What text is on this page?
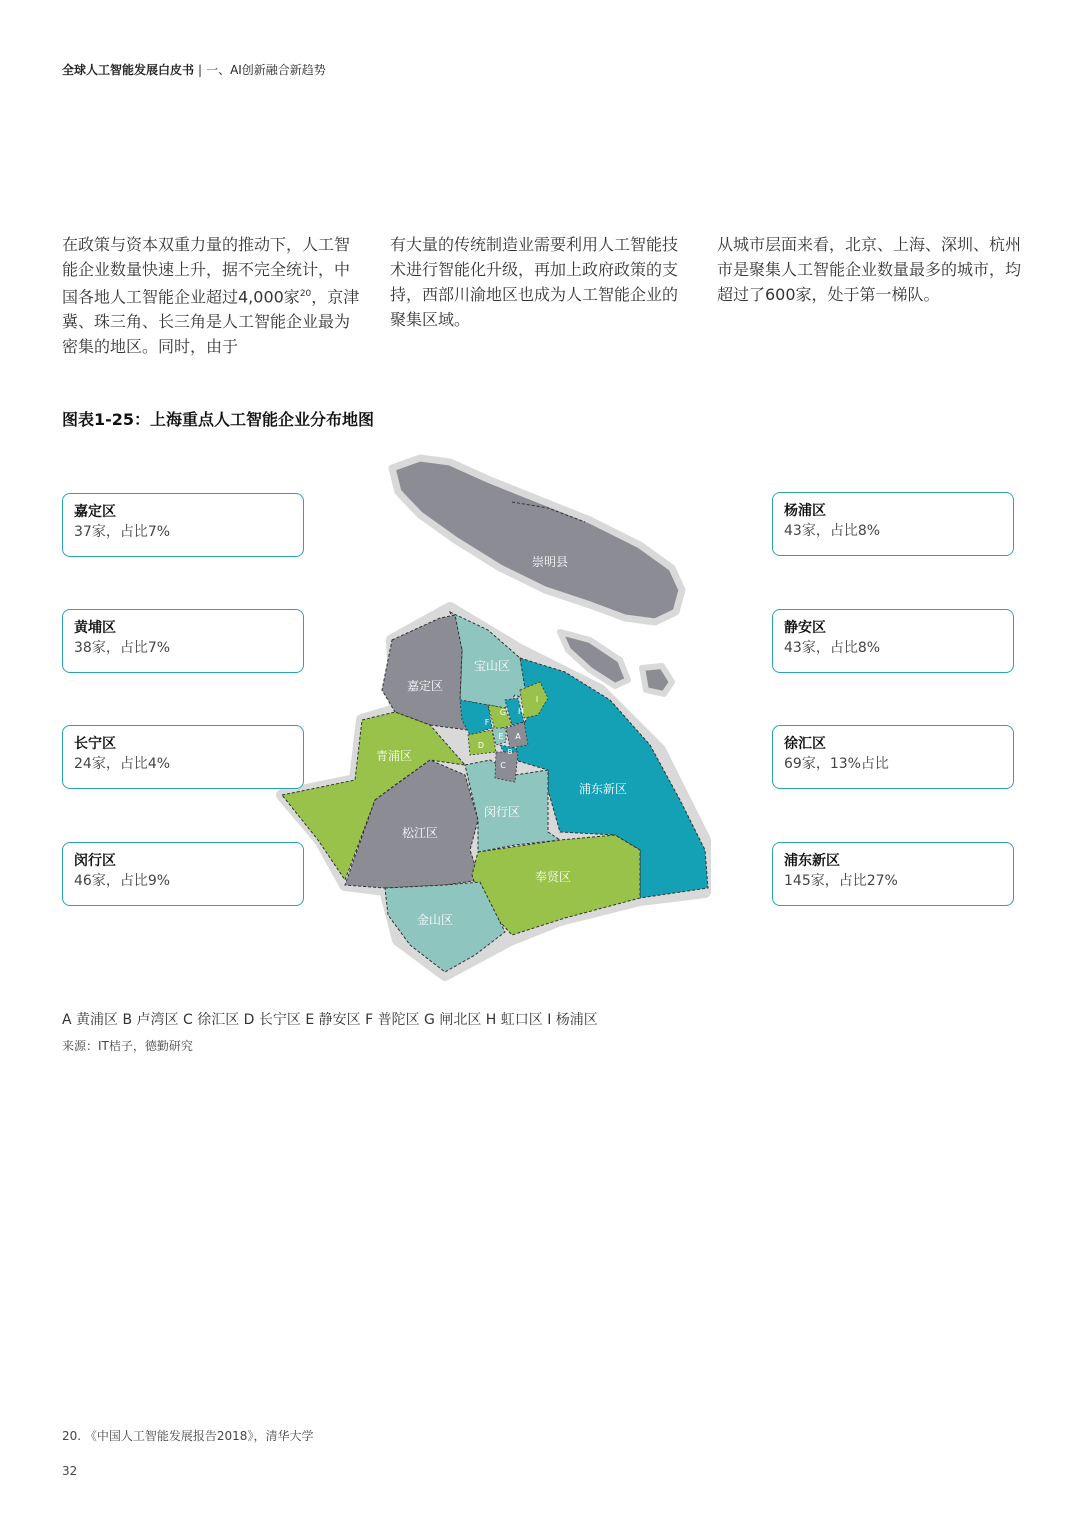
全球人工智能发展白皮书 | 一、AI创新融合新趋势
在政策与资本双重力量的推动下，人工智能企业数量快速上升，据不完全统计，中国各地人工智能企业超过4,000家$^{20}$，京津冀、珠三角、长三角是人工智能企业最为密集的地区。同时，由于
有大量的传统制造业需要利用人工智能技术进行智能化升级，再加上政府政策的支持，西部川渝地区也成为人工智能企业的聚集区域。
从城市层面来看，北京、上海、深圳、杭州市是聚集人工智能企业数量最多的城市，均超过了600家，处于第一梯队。
图表1-25：上海重点人工智能企业分布地图
崇明县
宝山区
嘉定区
青浦区
浦东新区
闵行区
松江区
奉贤区
金山区
F
G H
I
D
E A
B
C
嘉定区
37家，占比7%
黄埔区
38家，占比7%
长宁区
24家，占比4%
闵行区
46家，占比9%
杨浦区
43家，占比8%
静安区
43家，占比8%
徐汇区
69家，13%占比
浦东新区
145家，占比27%
A 黄浦区 B 卢湾区 C 徐汇区 D 长宁区 E 静安区 F 普陀区 G 闸北区 H 虹口区 I 杨浦区
来源：IT桔子，德勤研究
20. 《中国人工智能发展报告2018》，清华大学
32
